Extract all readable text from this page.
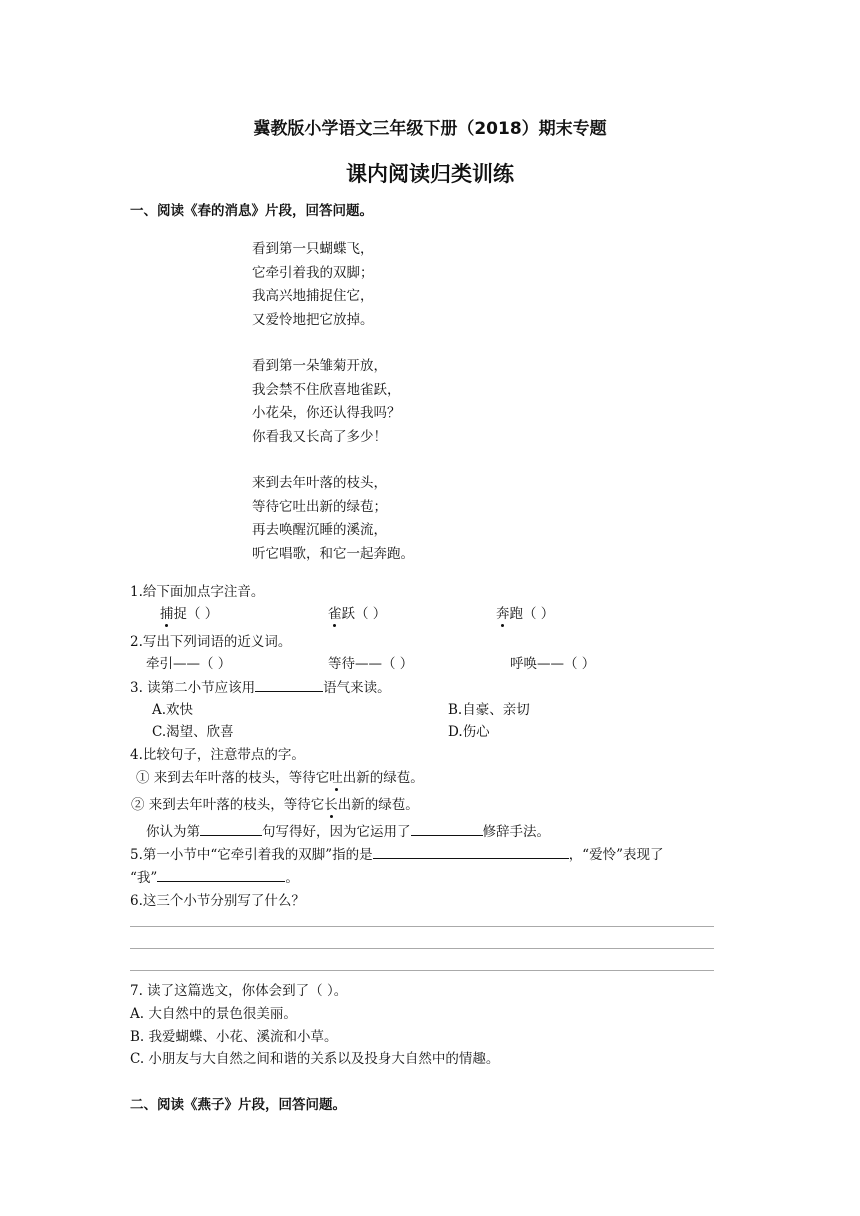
冀教版小学语文三年级下册（2018）期末专题
课内阅读归类训练
一、阅读《春的消息》片段，回答问题。

看到第一只蝴蝶飞，

它牵引着我的双脚；

我高兴地捕捉住它，

又爱怜地把它放掉。

看到第一朵雏菊开放，

我会禁不住欣喜地雀跃，

小花朵，你还认得我吗？

你看我又长高了多少！

来到去年叶落的枝头，

等待它吐出新的绿苞；

再去唤醒沉睡的溪流，

听它唱歌，和它一起奔跑。

1.给下面加点字注音。
捕捉（ ）	雀跃（ ）	奔跑（ ）
2.写出下列词语的近义词。
牵引——（ ）	等待——（ ）	呼唤——（ ）
3. 读第二小节应该用	语气来读。
A.欢快	B.自豪、亲切
C.渴望、欣喜	D.伤心
4.比较句子，注意带点的字。
① 来到去年叶落的枝头，等待它吐出新的绿苞。
② 来到去年叶落的枝头，等待它长出新的绿苞。
你认为第	句写得好，因为它运用了	修辞手法。
5.第一小节中“它牵引着我的双脚”指的是	，“爱怜”表现了
“我”	。
6.这三个小节分别写了什么？
7. 读了这篇选文，你体会到了（ ）。
A. 大自然中的景色很美丽。
B. 我爱蝴蝶、小花、溪流和小草。
C. 小朋友与大自然之间和谐的关系以及投身大自然中的情趣。
二、阅读《燕子》片段，回答问题。
